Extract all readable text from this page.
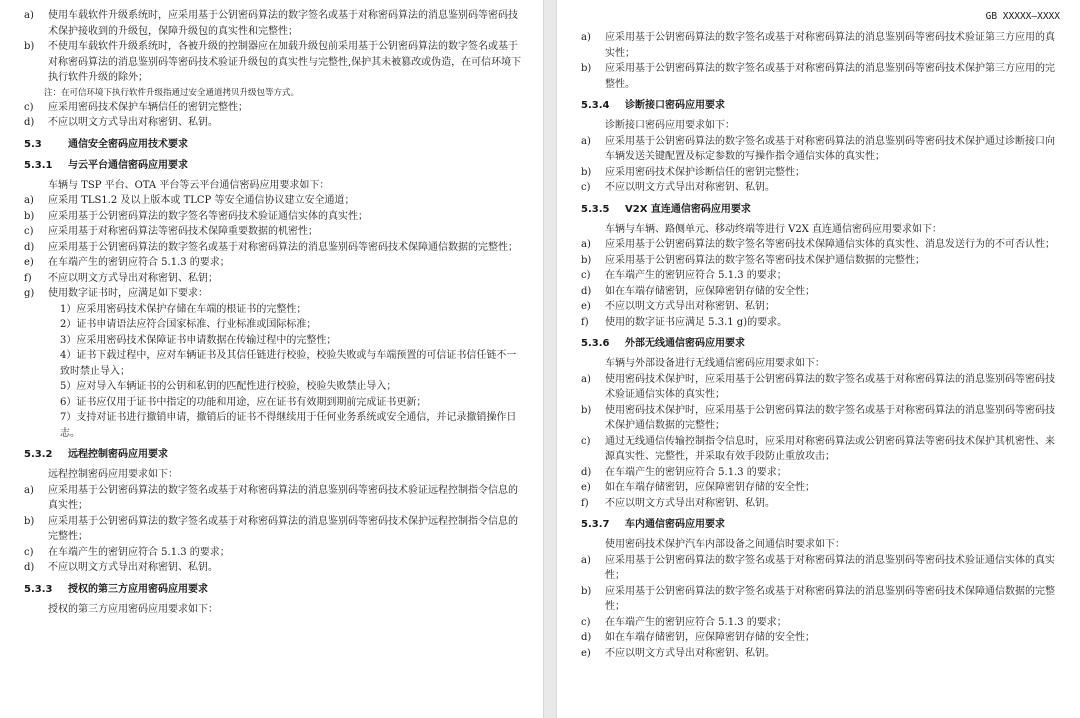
a)	使用车载软件升级系统时，应采用基于公钥密码算法的数字签名或基于对称密码算法的消息鉴别码等密码技术保护接收到的升级包，保障升级包的真实性和完整性；
b)	不使用车载软件升级系统时，各被升级的控制器应在加载升级包前采用基于公钥密码算法的数字签名或基于对称密码算法的消息鉴别码等密码技术验证升级包的真实性与完整性,保护其未被篡改或伪造，在可信环境下执行软件升级的除外；
注：在可信环境下执行软件升级指通过安全通道拷贝升级包等方式。
c)	应采用密码技术保护车辆信任的密钥完整性；
d)	不应以明文方式导出对称密钥、私钥。
5.3	通信安全密码应用技术要求
5.3.1 与云平台通信密码应用要求
车辆与 TSP 平台、OTA 平台等云平台通信密码应用要求如下：
a)	应采用 TLS1.2 及以上版本或 TLCP 等安全通信协议建立安全通道；
b)	应采用基于公钥密码算法的数字签名等密码技术验证通信实体的真实性；
c)	应采用基于对称密码算法等密码技术保障重要数据的机密性；
d)	应采用基于公钥密码算法的数字签名或基于对称密码算法的消息鉴别码等密码技术保障通信数据的完整性；
e)	在车端产生的密钥应符合 5.1.3 的要求；
f)	不应以明文方式导出对称密钥、私钥；
g)	使用数字证书时，应满足如下要求：
1）应采用密码技术保护存储在车端的根证书的完整性；
2）证书申请语法应符合国家标准、行业标准或国际标准；
3）应采用密码技术保障证书申请数据在传输过程中的完整性；
4）证书下载过程中，应对车辆证书及其信任链进行校验，校验失败或与车端预置的可信证书信任链不一致时禁止导入；
5）应对导入车辆证书的公钥和私钥的匹配性进行校验，校验失败禁止导入；
6）证书应仅用于证书中指定的功能和用途，应在证书有效期到期前完成证书更新；
7）支持对证书进行撤销申请，撤销后的证书不得继续用于任何业务系统或安全通信，并记录撤销操作日志。
5.3.2 远程控制密码应用要求
远程控制密码应用要求如下：
a)	应采用基于公钥密码算法的数字签名或基于对称密码算法的消息鉴别码等密码技术验证远程控制指令信息的真实性；
b)	应采用基于公钥密码算法的数字签名或基于对称密码算法的消息鉴别码等密码技术保护远程控制指令信息的完整性；
c)	在车端产生的密钥应符合 5.1.3 的要求；
d)	不应以明文方式导出对称密钥、私钥。
5.3.3 授权的第三方应用密码应用要求
授权的第三方应用密码应用要求如下：
GB XXXXX—XXXX
a)	应采用基于公钥密码算法的数字签名或基于对称密码算法的消息鉴别码等密码技术验证第三方应用的真实性；
b)	应采用基于公钥密码算法的数字签名或基于对称密码算法的消息鉴别码等密码技术保护第三方应用的完整性。
5.3.4 诊断接口密码应用要求
诊断接口密码应用要求如下：
a)	应采用基于公钥密码算法的数字签名或基于对称密码算法的消息鉴别码等密码技术保护通过诊断接口向车辆发送关键配置及标定参数的写操作指令通信实体的真实性；
b)	应采用密码技术保护诊断信任的密钥完整性；
c)	不应以明文方式导出对称密钥、私钥。
5.3.5 V2X 直连通信密码应用要求
车辆与车辆、路侧单元、移动终端等进行 V2X 直连通信密码应用要求如下：
a)	应采用基于公钥密码算法的数字签名等密码技术保障通信实体的真实性、消息发送行为的不可否认性；
b)	应采用基于公钥密码算法的数字签名等密码技术保护通信数据的完整性；
c)	在车端产生的密钥应符合 5.1.3 的要求；
d)	如在车端存储密钥，应保障密钥存储的安全性；
e)	不应以明文方式导出对称密钥、私钥；
f)	使用的数字证书应满足 5.3.1 g)的要求。
5.3.6 外部无线通信密码应用要求
车辆与外部设备进行无线通信密码应用要求如下：
a)	使用密码技术保护时，应采用基于公钥密码算法的数字签名或基于对称密码算法的消息鉴别码等密码技术验证通信实体的真实性；
b)	使用密码技术保护时，应采用基于公钥密码算法的数字签名或基于对称密码算法的消息鉴别码等密码技术保护通信数据的完整性；
c)	通过无线通信传输控制指令信息时，应采用对称密码算法或公钥密码算法等密码技术保护其机密性、来源真实性、完整性，并采取有效手段防止重放攻击；
d)	在车端产生的密钥应符合 5.1.3 的要求；
e)	如在车端存储密钥，应保障密钥存储的安全性；
f)	不应以明文方式导出对称密钥、私钥。
5.3.7 车内通信密码应用要求
使用密码技术保护汽车内部设备之间通信时要求如下：
a)	应采用基于公钥密码算法的数字签名或基于对称密码算法的消息鉴别码等密码技术验证通信实体的真实性；
b)	应采用基于公钥密码算法的数字签名或基于对称密码算法的消息鉴别码等密码技术保障通信数据的完整性；
c)	在车端产生的密钥应符合 5.1.3 的要求；
d)	如在车端存储密钥，应保障密钥存储的安全性；
e)	不应以明文方式导出对称密钥、私钥。
